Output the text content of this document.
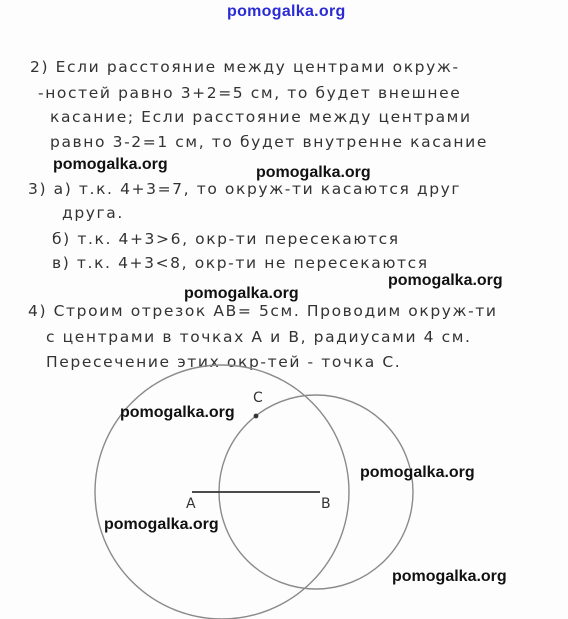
pomogalka.org
2) Если расстояние между центрами окруж-
-ностей равно 3+2=5 см, то будет внешнее
касание; Если расстояние между центрами
равно 3-2=1 см, то будет внутренне касание
3) а) т.к. 4+3=7, то окруж-ти касаются друг
друга.
б) т.к. 4+3>6, окр-ти пересекаются
в) т.к. 4+3<8, окр-ти не пересекаются
4) Строим отрезок AB= 5см. Проводим окруж-ти
с центрами в точках A и B, радиусами 4 см.
Пересечение этих окр-тей - точка C.
A	B
C
pomogalka.org	pomogalka.org
pomogalka.org
pomogalka.org
pomogalka.org
pomogalka.org
pomogalka.org
pomogalka.org
